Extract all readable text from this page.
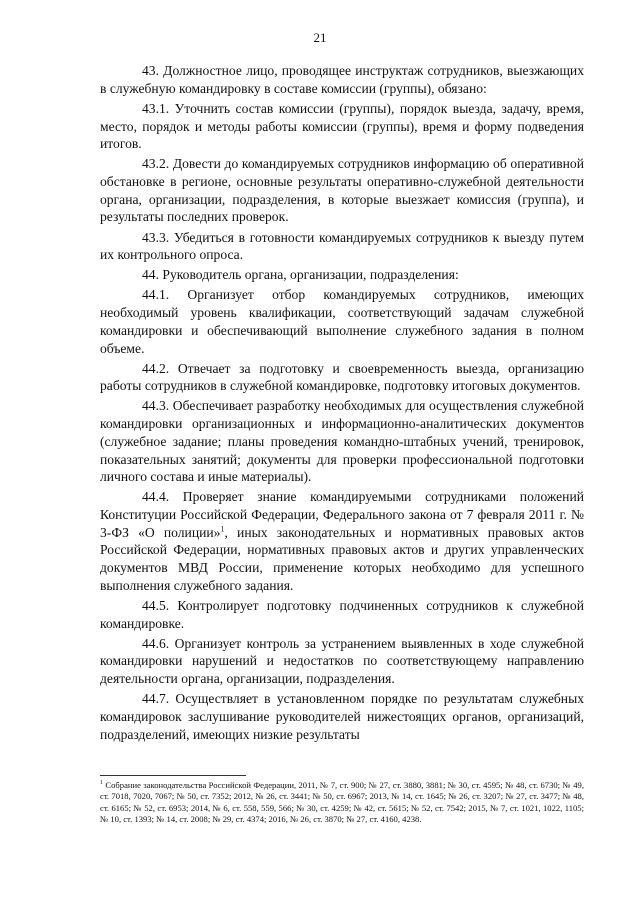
21

43. Должностное лицо, проводящее инструктаж сотрудников, выезжающих в служебную командировку в составе комиссии (группы), обязано:

43.1. Уточнить состав комиссии (группы), порядок выезда, задачу, время, место, порядок и методы работы комиссии (группы), время и форму подведения итогов.

43.2. Довести до командируемых сотрудников информацию об оперативной обстановке в регионе, основные результаты оперативно-служебной деятельности органа, организации, подразделения, в которые выезжает комиссия (группа), и результаты последних проверок.

43.3. Убедиться в готовности командируемых сотрудников к выезду путем их контрольного опроса.

44. Руководитель органа, организации, подразделения:

44.1. Организует отбор командируемых сотрудников, имеющих необходимый уровень квалификации, соответствующий задачам служебной командировки и обеспечивающий выполнение служебного задания в полном объеме.

44.2. Отвечает за подготовку и своевременность выезда, организацию работы сотрудников в служебной командировке, подготовку итоговых документов.

44.3. Обеспечивает разработку необходимых для осуществления служебной командировки организационных и информационно-аналитических документов (служебное задание; планы проведения командно-штабных учений, тренировок, показательных занятий; документы для проверки профессиональной подготовки личного состава и иные материалы).

44.4. Проверяет знание командируемыми сотрудниками положений Конституции Российской Федерации, Федерального закона от 7 февраля 2011 г. № 3-ФЗ «О полиции»$^1$, иных законодательных и нормативных правовых актов Российской Федерации, нормативных правовых актов и других управленческих документов МВД России, применение которых необходимо для успешного выполнения служебного задания.

44.5. Контролирует подготовку подчиненных сотрудников к служебной командировке.

44.6. Организует контроль за устранением выявленных в ходе служебной командировки нарушений и недостатков по соответствующему направлению деятельности органа, организации, подразделения.

44.7. Осуществляет в установленном порядке по результатам служебных командировок заслушивание руководителей нижестоящих органов, организаций, подразделений, имеющих низкие результаты

$^1$ Собрание законодательства Российской Федерации, 2011, № 7, ст. 900; № 27, ст. 3880, 3881; № 30, ст. 4595; № 48, ст. 6730; № 49, ст. 7018, 7020, 7067; № 50, ст. 7352; 2012, № 26, ст. 3441; № 50, ст. 6967; 2013, № 14, ст. 1645; № 26, ст. 3207; № 27, ст. 3477; № 48, ст. 6165; № 52, ст. 6953; 2014, № 6, ст. 558, 559, 566; № 30, ст. 4259; № 42, ст. 5615; № 52, ст. 7542; 2015, № 7, ст. 1021, 1022, 1105; № 10, ст. 1393; № 14, ст. 2008; № 29, ст. 4374; 2016, № 26, ст. 3870; № 27, ст. 4160, 4238.
